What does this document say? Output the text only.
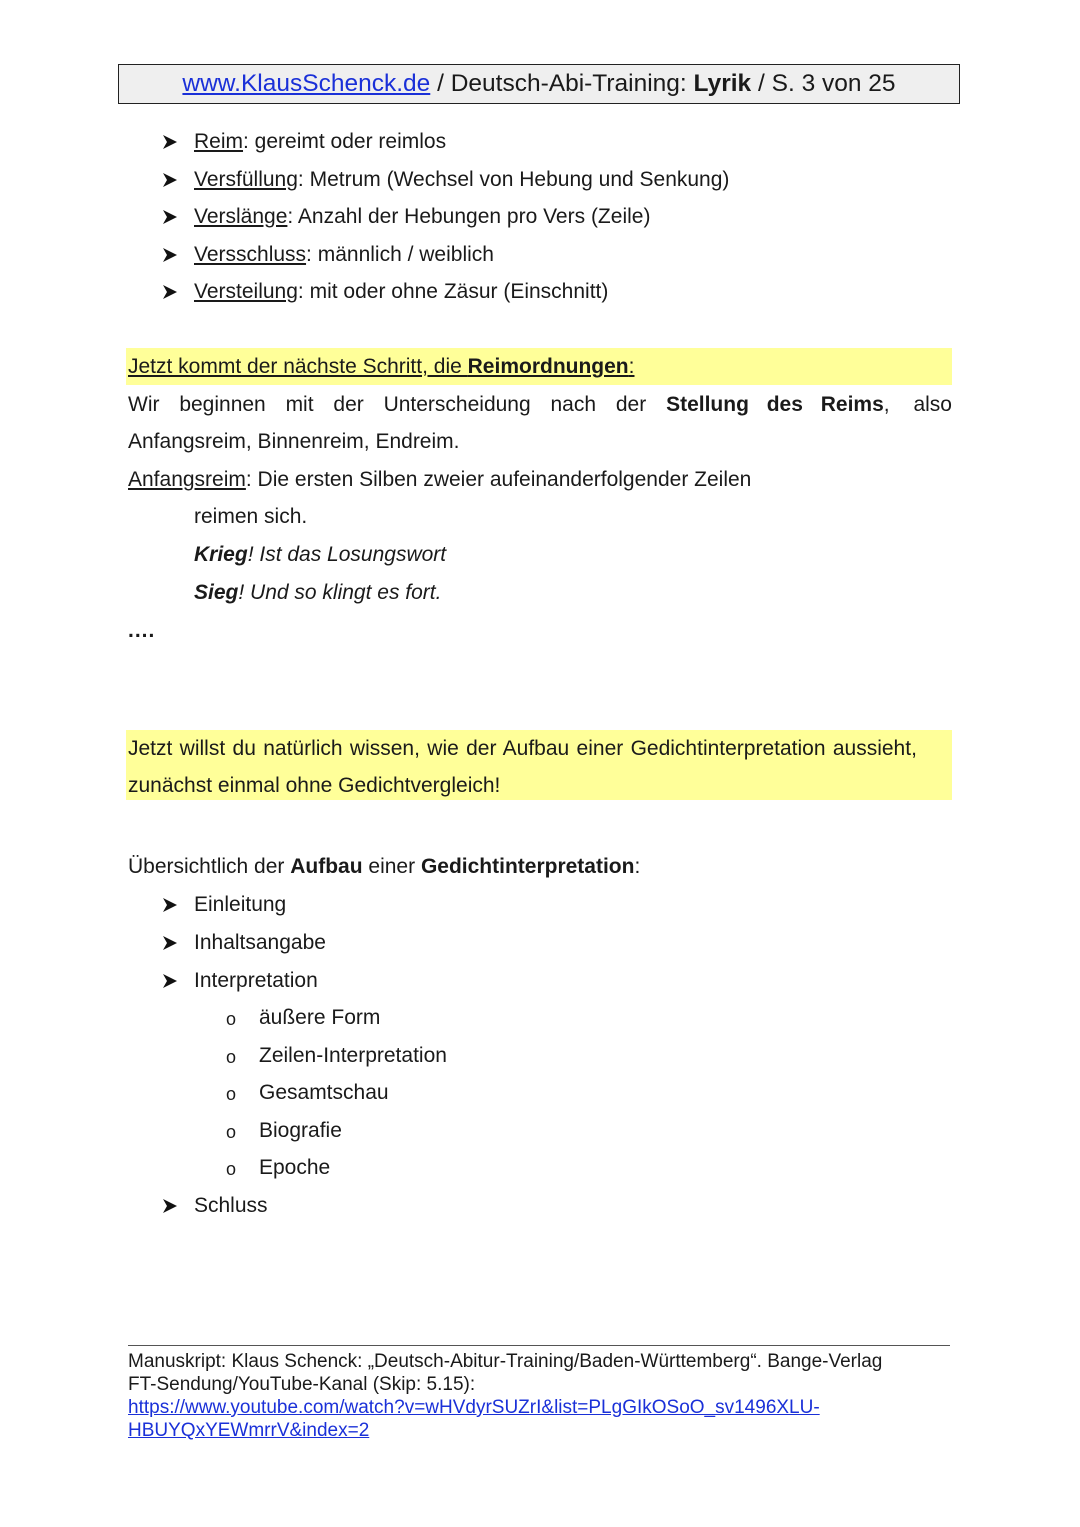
www.KlausSchenck.de / Deutsch-Abi-Training: Lyrik / S. 3 von 25
Reim: gereimt oder reimlos
Versfüllung: Metrum (Wechsel von Hebung und Senkung)
Verslänge: Anzahl der Hebungen pro Vers (Zeile)
Versschluss: männlich / weiblich
Versteilung: mit oder ohne Zäsur (Einschnitt)
Jetzt kommt der nächste Schritt, die Reimordnungen:
Wir beginnen mit der Unterscheidung nach der Stellung des Reims, also
Anfangsreim, Binnenreim, Endreim.
Anfangsreim: Die ersten Silben zweier aufeinanderfolgender Zeilen
reimen sich.
Krieg! Ist das Losungswort
Sieg! Und so klingt es fort.
....
Jetzt willst du natürlich wissen, wie der Aufbau einer Gedichtinterpretation aussieht,
zunächst einmal ohne Gedichtvergleich!
Übersichtlich der Aufbau einer Gedichtinterpretation:
Einleitung
Inhaltsangabe
Interpretation
o äußere Form
o Zeilen-Interpretation
o Gesamtschau
o Biografie
o Epoche
Schluss
Manuskript: Klaus Schenck: „Deutsch-Abitur-Training/Baden-Württemberg“. Bange-Verlag
FT-Sendung/YouTube-Kanal (Skip: 5.15):
https://www.youtube.com/watch?v=wHVdyrSUZrI&list=PLgGIkOSoO_sv1496XLU-
HBUYQxYEWmrrV&index=2
